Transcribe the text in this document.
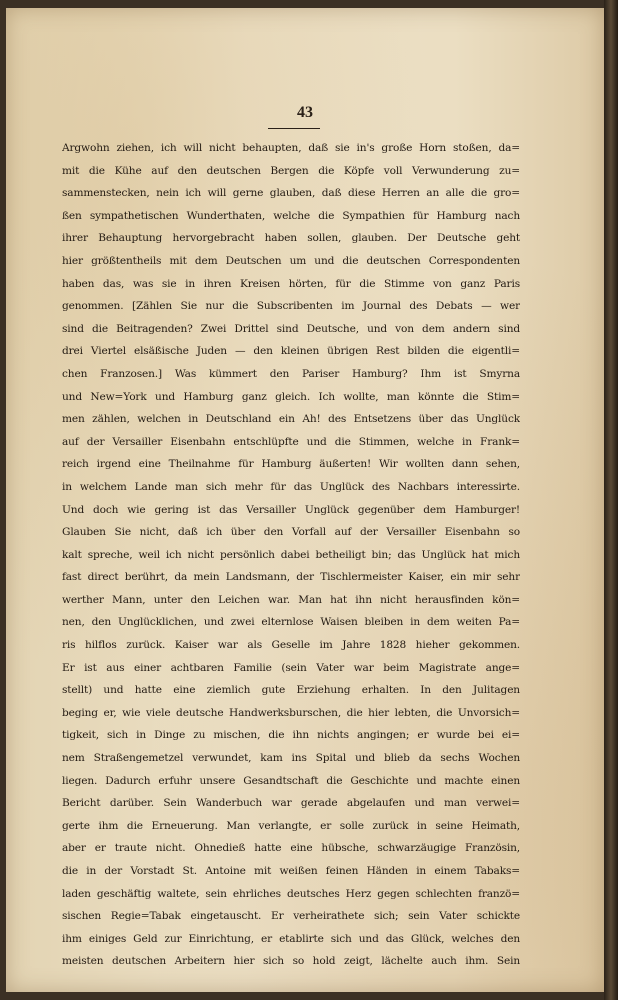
43
Argwohn ziehen, ich will nicht behaupten, daß sie in's große Horn stoßen, da=
mit die Kühe auf den deutschen Bergen die Köpfe voll Verwunderung zu=
sammenstecken, nein ich will gerne glauben, daß diese Herren an alle die gro=
ßen sympathetischen Wunderthaten, welche die Sympathien für Hamburg nach
ihrer Behauptung hervorgebracht haben sollen, glauben. Der Deutsche geht
hier größtentheils mit dem Deutschen um und die deutschen Correspondenten
haben das, was sie in ihren Kreisen hörten, für die Stimme von ganz Paris
genommen. [Zählen Sie nur die Subscribenten im Journal des Debats — wer
sind die Beitragenden? Zwei Drittel sind Deutsche, und von dem andern sind
drei Viertel elsäßische Juden — den kleinen übrigen Rest bilden die eigentli=
chen Franzosen.] Was kümmert den Pariser Hamburg? Ihm ist Smyrna
und New=York und Hamburg ganz gleich. Ich wollte, man könnte die Stim=
men zählen, welchen in Deutschland ein Ah! des Entsetzens über das Unglück
auf der Versailler Eisenbahn entschlüpfte und die Stimmen, welche in Frank=
reich irgend eine Theilnahme für Hamburg äußerten! Wir wollten dann sehen,
in welchem Lande man sich mehr für das Unglück des Nachbars interessirte.
Und doch wie gering ist das Versailler Unglück gegenüber dem Hamburger!
Glauben Sie nicht, daß ich über den Vorfall auf der Versailler Eisenbahn so
kalt spreche, weil ich nicht persönlich dabei betheiligt bin; das Unglück hat mich
fast direct berührt, da mein Landsmann, der Tischlermeister Kaiser, ein mir sehr
werther Mann, unter den Leichen war. Man hat ihn nicht herausfinden kön=
nen, den Unglücklichen, und zwei elternlose Waisen bleiben in dem weiten Pa=
ris hilflos zurück. Kaiser war als Geselle im Jahre 1828 hieher gekommen.
Er ist aus einer achtbaren Familie (sein Vater war beim Magistrate ange=
stellt) und hatte eine ziemlich gute Erziehung erhalten. In den Julitagen
beging er, wie viele deutsche Handwerksburschen, die hier lebten, die Unvorsich=
tigkeit, sich in Dinge zu mischen, die ihn nichts angingen; er wurde bei ei=
nem Straßengemetzel verwundet, kam ins Spital und blieb da sechs Wochen
liegen. Dadurch erfuhr unsere Gesandtschaft die Geschichte und machte einen
Bericht darüber. Sein Wanderbuch war gerade abgelaufen und man verwei=
gerte ihm die Erneuerung. Man verlangte, er solle zurück in seine Heimath,
aber er traute nicht. Ohnedieß hatte eine hübsche, schwarzäugige Französin,
die in der Vorstadt St. Antoine mit weißen feinen Händen in einem Tabaks=
laden geschäftig waltete, sein ehrliches deutsches Herz gegen schlechten franzö=
sischen Regie=Tabak eingetauscht. Er verheirathete sich; sein Vater schickte
ihm einiges Geld zur Einrichtung, er etablirte sich und das Glück, welches den
meisten deutschen Arbeitern hier sich so hold zeigt, lächelte auch ihm. Sein
